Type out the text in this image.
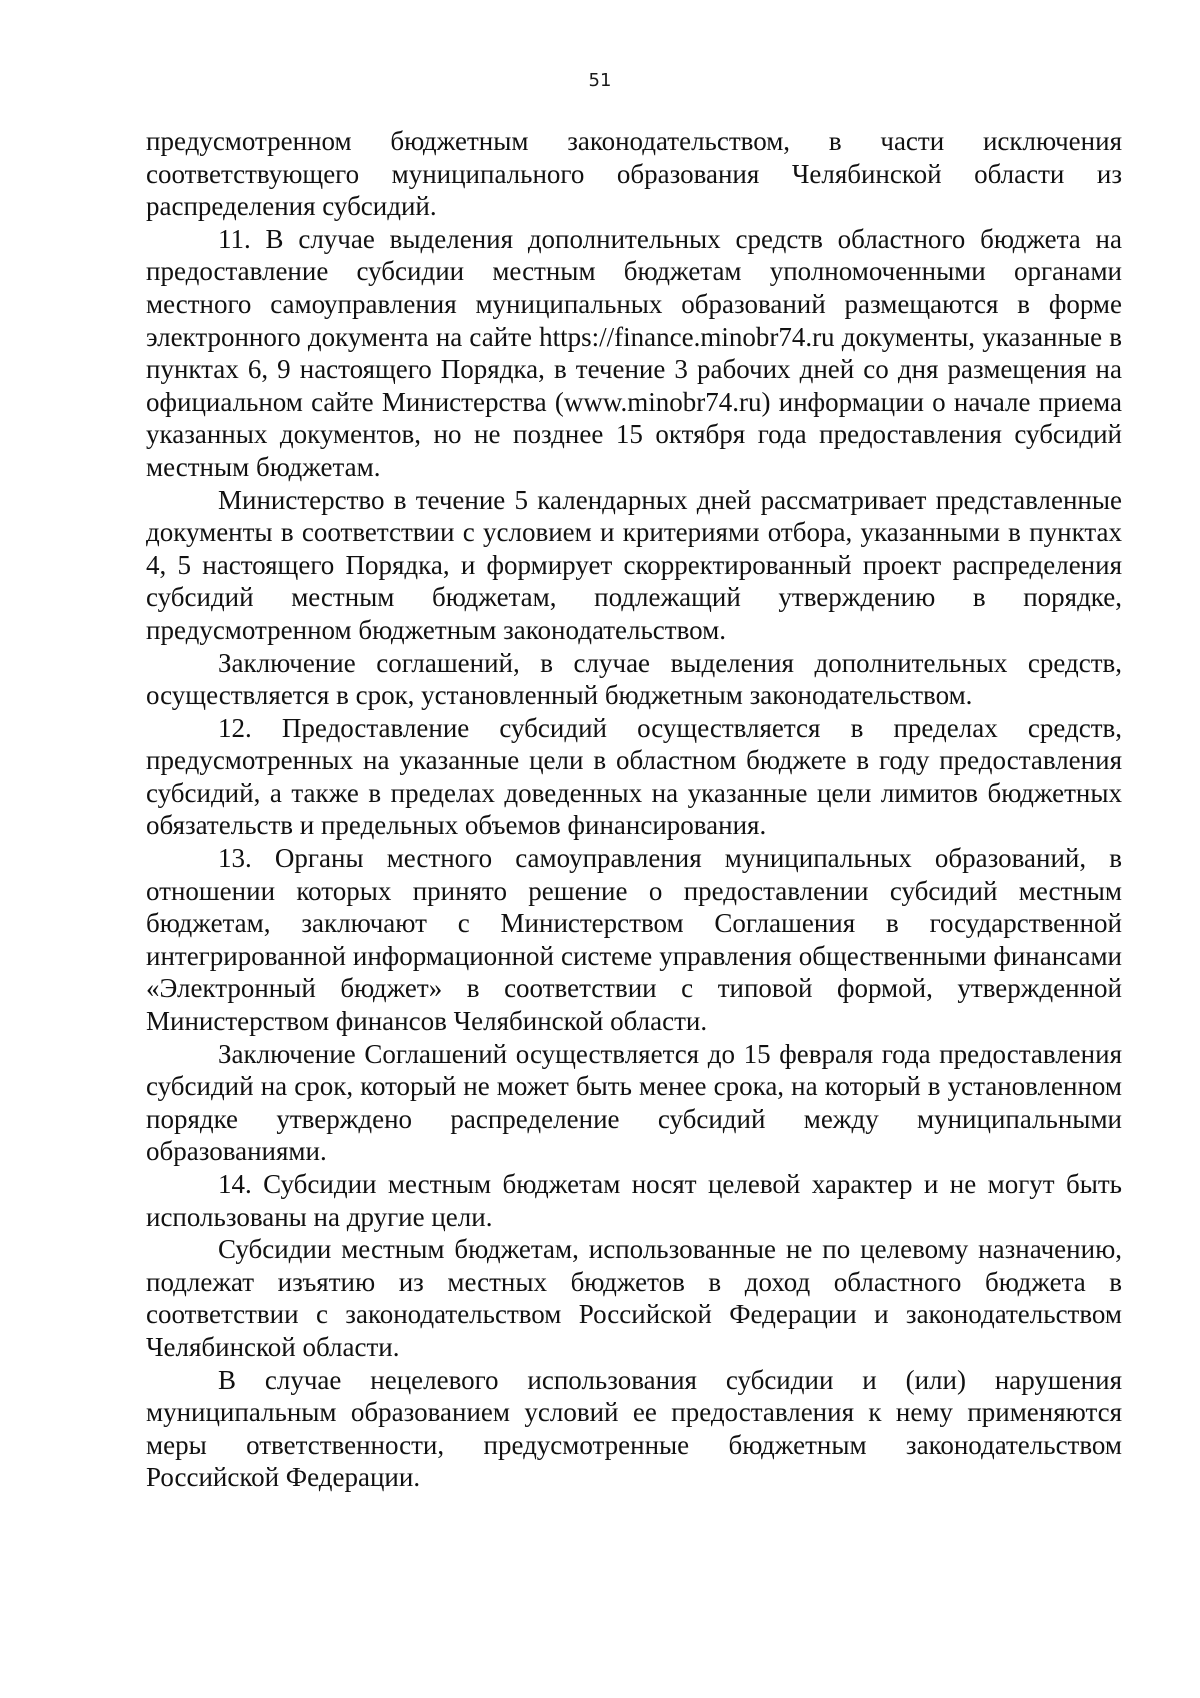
51

предусмотренном бюджетным законодательством, в части исключения соответствующего муниципального образования Челябинской области из распределения субсидий.

11. В случае выделения дополнительных средств областного бюджета на предоставление субсидии местным бюджетам уполномоченными органами местного самоуправления муниципальных образований размещаются в форме электронного документа на сайте https://finance.minobr74.ru документы, указанные в пунктах 6, 9 настоящего Порядка, в течение 3 рабочих дней со дня размещения на официальном сайте Министерства (www.minobr74.ru) информации о начале приема указанных документов, но не позднее 15 октября года предоставления субсидий местным бюджетам.

Министерство в течение 5 календарных дней рассматривает представленные документы в соответствии с условием и критериями отбора, указанными в пунктах 4, 5 настоящего Порядка, и формирует скорректированный проект распределения субсидий местным бюджетам, подлежащий утверждению в порядке, предусмотренном бюджетным законодательством.

Заключение соглашений, в случае выделения дополнительных средств, осуществляется в срок, установленный бюджетным законодательством.

12. Предоставление субсидий осуществляется в пределах средств, предусмотренных на указанные цели в областном бюджете в году предоставления субсидий, а также в пределах доведенных на указанные цели лимитов бюджетных обязательств и предельных объемов финансирования.

13. Органы местного самоуправления муниципальных образований, в отношении которых принято решение о предоставлении субсидий местным бюджетам, заключают с Министерством Соглашения в государственной интегрированной информационной системе управления общественными финансами «Электронный бюджет» в соответствии с типовой формой, утвержденной Министерством финансов Челябинской области.

Заключение Соглашений осуществляется до 15 февраля года предоставления субсидий на срок, который не может быть менее срока, на который в установленном порядке утверждено распределение субсидий между муниципальными образованиями.

14. Субсидии местным бюджетам носят целевой характер и не могут быть использованы на другие цели.

Субсидии местным бюджетам, использованные не по целевому назначению, подлежат изъятию из местных бюджетов в доход областного бюджета в соответствии с законодательством Российской Федерации и законодательством Челябинской области.

В случае нецелевого использования субсидии и (или) нарушения муниципальным образованием условий ее предоставления к нему применяются меры ответственности, предусмотренные бюджетным законодательством Российской Федерации.
